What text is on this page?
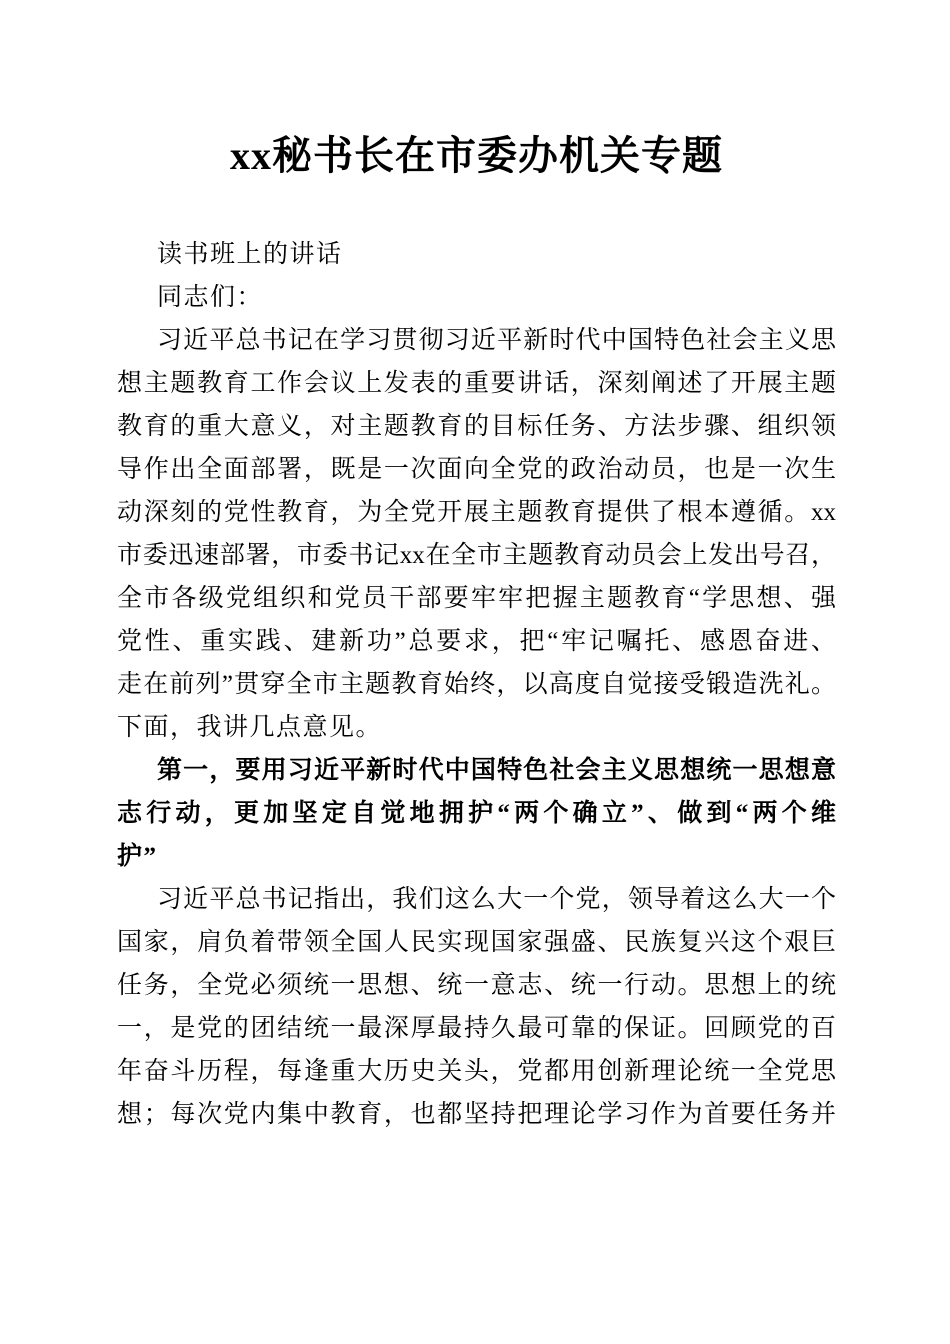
xx秘书长在市委办机关专题
读书班上的讲话
同志们：
习近平总书记在学习贯彻习近平新时代中国特色社会主义思
想主题教育工作会议上发表的重要讲话，深刻阐述了开展主题
教育的重大意义，对主题教育的目标任务、方法步骤、组织领
导作出全面部署，既是一次面向全党的政治动员，也是一次生
动深刻的党性教育，为全党开展主题教育提供了根本遵循。xx
市委迅速部署，市委书记xx在全市主题教育动员会上发出号召，
全市各级党组织和党员干部要牢牢把握主题教育“学思想、强
党性、重实践、建新功”总要求，把“牢记嘱托、感恩奋进、
走在前列”贯穿全市主题教育始终，以高度自觉接受锻造洗礼。
下面，我讲几点意见。
第一，要用习近平新时代中国特色社会主义思想统一思想意
志行动，更加坚定自觉地拥护“两个确立”、做到“两个维
护”
习近平总书记指出，我们这么大一个党，领导着这么大一个
国家，肩负着带领全国人民实现国家强盛、民族复兴这个艰巨
任务，全党必须统一思想、统一意志、统一行动。思想上的统
一，是党的团结统一最深厚最持久最可靠的保证。回顾党的百
年奋斗历程，每逢重大历史关头，党都用创新理论统一全党思
想；每次党内集中教育，也都坚持把理论学习作为首要任务并
